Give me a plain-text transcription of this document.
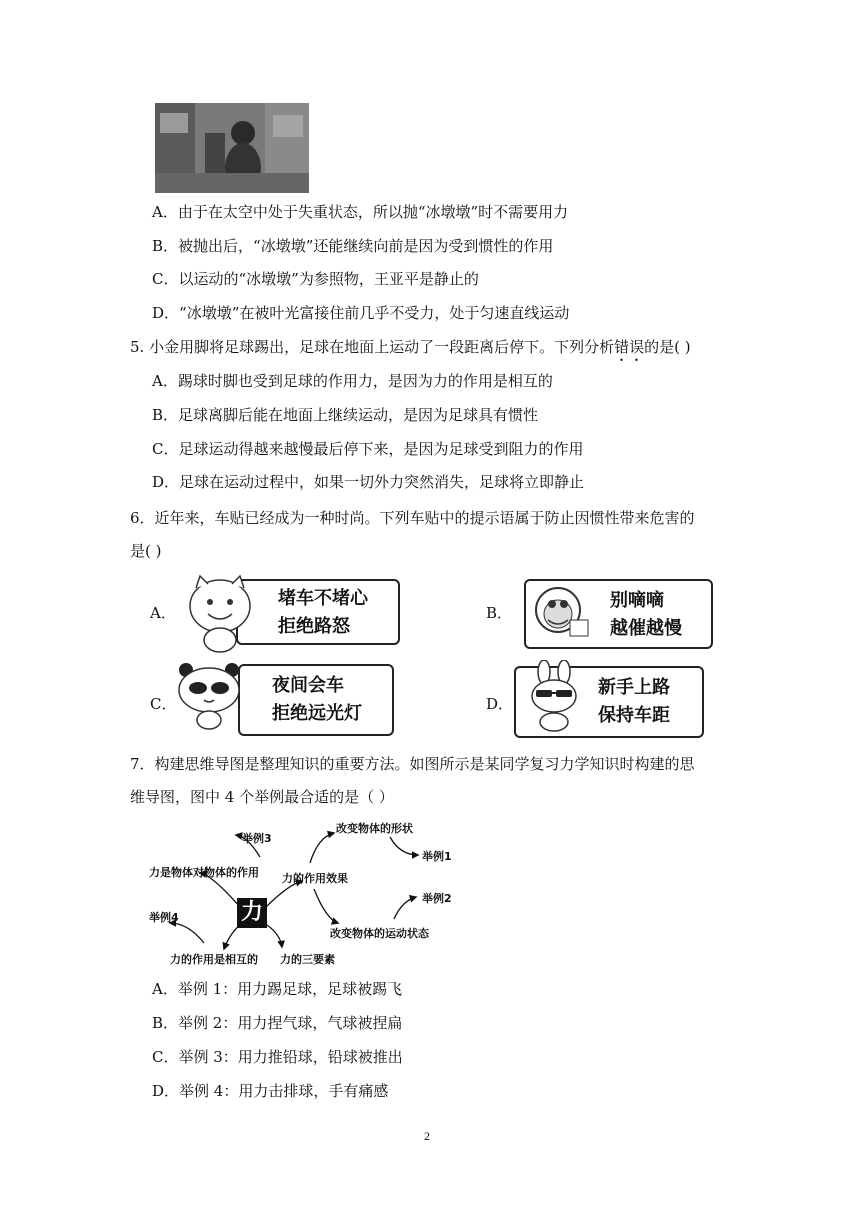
A．由于在太空中处于失重状态，所以抛“冰墩墩”时不需要用力
B．被抛出后，“冰墩墩”还能继续向前是因为受到惯性的作用
C．以运动的“冰墩墩”为参照物，王亚平是静止的
D．“冰墩墩”在被叶光富接住前几乎不受力，处于匀速直线运动
5. 小金用脚将足球踢出，足球在地面上运动了一段距离后停下。下列分析错误的是( )
A．踢球时脚也受到足球的作用力，是因为力的作用是相互的
B．足球离脚后能在地面上继续运动，是因为足球具有惯性
C．足球运动得越来越慢最后停下来，是因为足球受到阻力的作用
D．足球在运动过程中，如果一切外力突然消失，足球将立即静止
6．近年来，车贴已经成为一种时尚。下列车贴中的提示语属于防止因惯性带来危害的
是( )
A．
堵车不堵心
拒绝路怒
B．
别嘀嘀
越催越慢
C．
夜间会车
拒绝远光灯	D．
新手上路
保持车距
7．构建思维导图是整理知识的重要方法。如图所示是某同学复习力学知识时构建的思
维导图，图中 4 个举例最合适的是（ ）
举例3
改变物体的形状
举例1
力是物体对物体的作用 力的作用效果
举例2
举例4	力
改变物体的运动状态
力的作用是相互的 力的三要素
A．举例 1：用力踢足球，足球被踢飞
B．举例 2：用力捏气球，气球被捏扁
C．举例 3：用力推铅球，铅球被推出
D．举例 4：用力击排球，手有痛感
2
